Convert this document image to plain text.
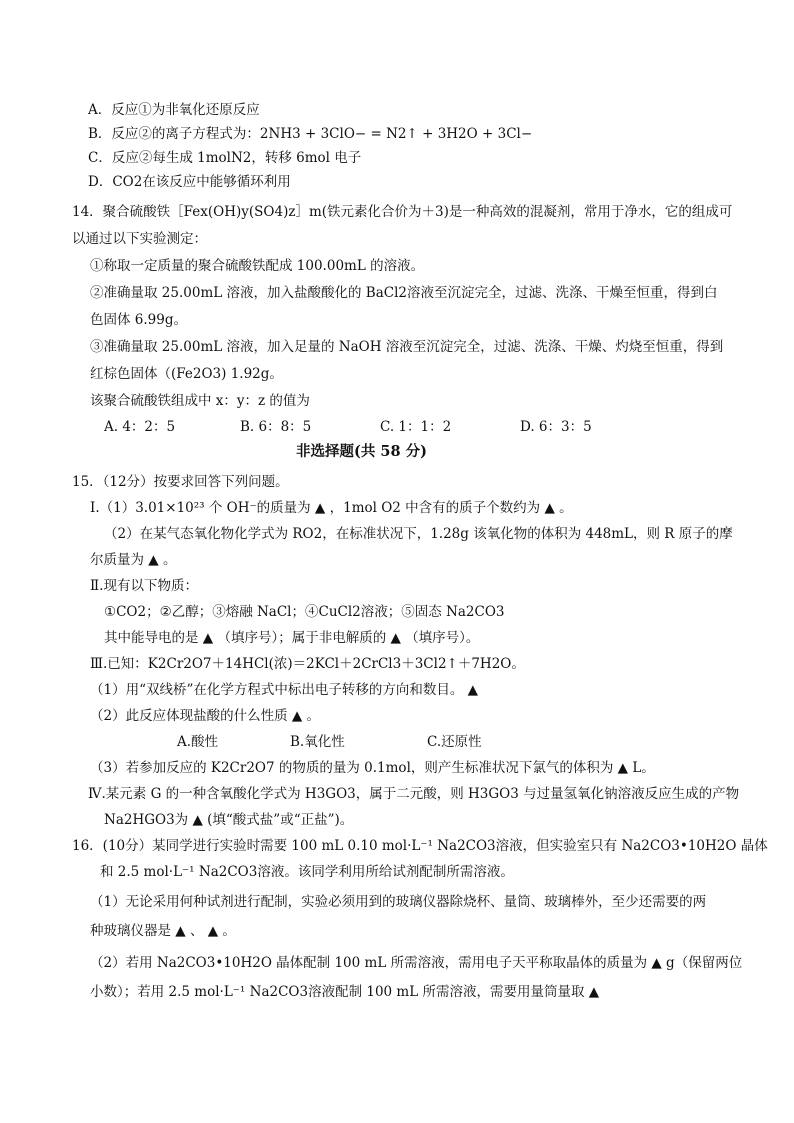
A．反应①为非氧化还原反应
B．反应②的离子方程式为：2NH3 + 3ClO− = N2↑ + 3H2O + 3Cl−
C．反应②每生成 1molN2，转移 6mol 电子
D．CO2在该反应中能够循环利用
14．聚合硫酸铁［Fex(OH)y(SO4)z］m(铁元素化合价为＋3)是一种高效的混凝剂，常用于净水，它的组成可
以通过以下实验测定：
①称取一定质量的聚合硫酸铁配成 100.00mL 的溶液。
②准确量取 25.00mL 溶液，加入盐酸酸化的 BaCl2溶液至沉淀完全，过滤、洗涤、干燥至恒重，得到白
色固体 6.99g。
③准确量取 25.00mL 溶液，加入足量的 NaOH 溶液至沉淀完全，过滤、洗涤、干燥、灼烧至恒重，得到
红棕色固体（(Fe2O3) 1.92g。
该聚合硫酸铁组成中 x：y：z 的值为
A. 4：2：5	B. 6：8：5	C. 1：1：2	D. 6：3：5
非选择题(共 58 分)
15．（12分）按要求回答下列问题。
Ⅰ.（1）3.01×10²³ 个 OH⁻的质量为 ▲ ，1mol O2 中含有的质子个数约为 ▲ 。
（2）在某气态氧化物化学式为 RO2，在标准状况下，1.28g 该氧化物的体积为 448mL，则 R 原子的摩
尔质量为 ▲ 。
Ⅱ.现有以下物质：
①CO2；②乙醇；③熔融 NaCl；④CuCl2溶液；⑤固态 Na2CO3
其中能导电的是 ▲ （填序号）；属于非电解质的 ▲ （填序号）。
Ⅲ.已知：K2Cr2O7＋14HCl(浓)＝2KCl＋2CrCl3＋3Cl2↑＋7H2O。
（1）用“双线桥”在化学方程式中标出电子转移的方向和数目。 ▲
（2）此反应体现盐酸的什么性质 ▲ 。
A.酸性	B.氧化性	C.还原性
（3）若参加反应的 K2Cr2O7 的物质的量为 0.1mol，则产生标准状况下氯气的体积为 ▲ L。
Ⅳ.某元素 G 的一种含氧酸化学式为 H3GO3，属于二元酸，则 H3GO3 与过量氢氧化钠溶液反应生成的产物
Na2HGO3为 ▲ (填“酸式盐”或“正盐”)。
16．(10分）某同学进行实验时需要 100 mL 0.10 mol·L⁻¹ Na2CO3溶液，但实验室只有 Na2CO3•10H2O 晶体
和 2.5 mol·L⁻¹ Na2CO3溶液。该同学利用所给试剂配制所需溶液。
（1）无论采用何种试剂进行配制，实验必须用到的玻璃仪器除烧杯、量筒、玻璃棒外，至少还需要的两
种玻璃仪器是 ▲ 、 ▲ 。
（2）若用 Na2CO3•10H2O 晶体配制 100 mL 所需溶液，需用电子天平称取晶体的质量为 ▲ g（保留两位
小数）；若用 2.5 mol·L⁻¹ Na2CO3溶液配制 100 mL 所需溶液，需要用量筒量取 ▲
